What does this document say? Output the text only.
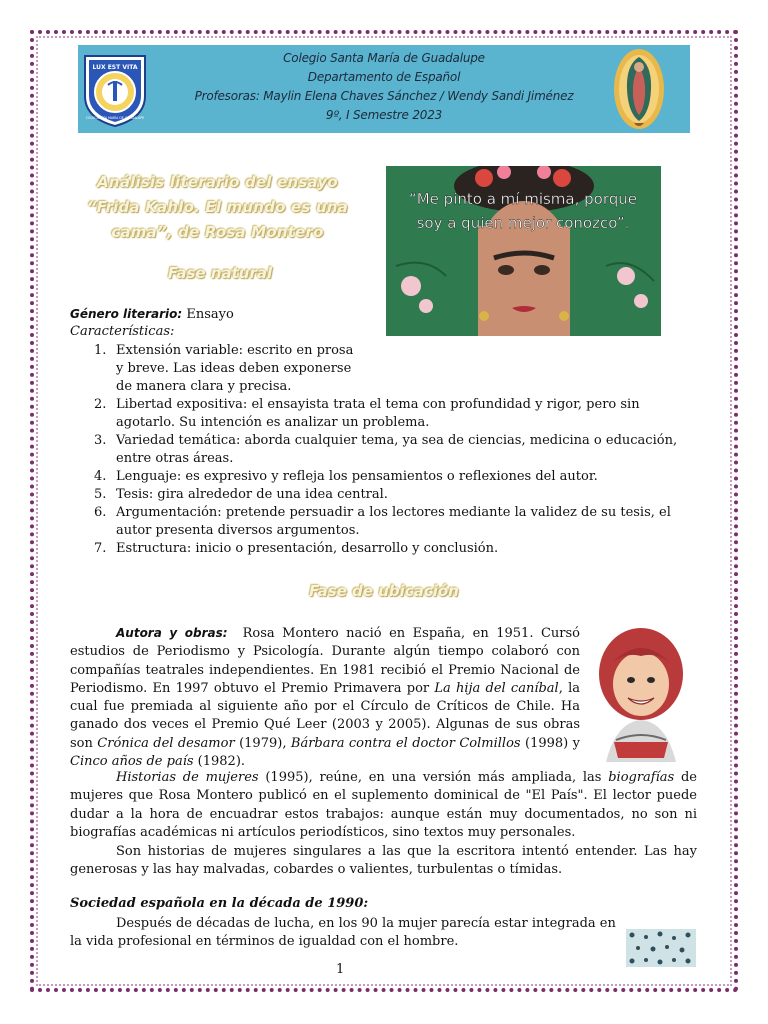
Colegio Santa María de Guadalupe
Departamento de Español
Profesoras: Maylin Elena Chaves Sánchez / Wendy Sandi Jiménez
9º, I Semestre 2023
LUX EST VITA
COLEGIO STA MARÍA DE GUADALUPE
Análisis literario del ensayo
“Frida Kahlo. El mundo es una
cama”, de Rosa Montero
Fase natural
“Me pinto a mí misma, porque
soy a quien mejor conozco”.
Género literario: Ensayo
Características:
1. Extensión variable: escrito en prosa y breve. Las ideas deben exponerse de manera clara y precisa.
2. Libertad expositiva: el ensayista trata el tema con profundidad y rigor, pero sin agotarlo. Su intención es analizar un problema.
3. Variedad temática: aborda cualquier tema, ya sea de ciencias, medicina o educación, entre otras áreas.
4. Lenguaje: es expresivo y refleja los pensamientos o reflexiones del autor.
5. Tesis: gira alrededor de una idea central.
6. Argumentación: pretende persuadir a los lectores mediante la validez de su tesis, el autor presenta diversos argumentos.
7. Estructura: inicio o presentación, desarrollo y conclusión.
Fase de ubicación
Autora y obras: Rosa Montero nació en España, en 1951. Cursó estudios de Periodismo y Psicología. Durante algún tiempo colaboró con compañías teatrales independientes. En 1981 recibió el Premio Nacional de Periodismo. En 1997 obtuvo el Premio Primavera por La hija del caníbal, la cual fue premiada al siguiente año por el Círculo de Críticos de Chile. Ha ganado dos veces el Premio Qué Leer (2003 y 2005). Algunas de sus obras son Crónica del desamor (1979), Bárbara contra el doctor Colmillos (1998) y Cinco años de país (1982).
Historias de mujeres (1995), reúne, en una versión más ampliada, las biografías de mujeres que Rosa Montero publicó en el suplemento dominical de "El País". El lector puede dudar a la hora de encuadrar estos trabajos: aunque están muy documentados, no son ni biografías académicas ni artículos periodísticos, sino textos muy personales.
Son historias de mujeres singulares a las que la escritora intentó entender. Las hay generosas y las hay malvadas, cobardes o valientes, turbulentas o tímidas.
Sociedad española en la década de 1990:
Después de décadas de lucha, en los 90 la mujer parecía estar integrada en la vida profesional en términos de igualdad con el hombre.
1
